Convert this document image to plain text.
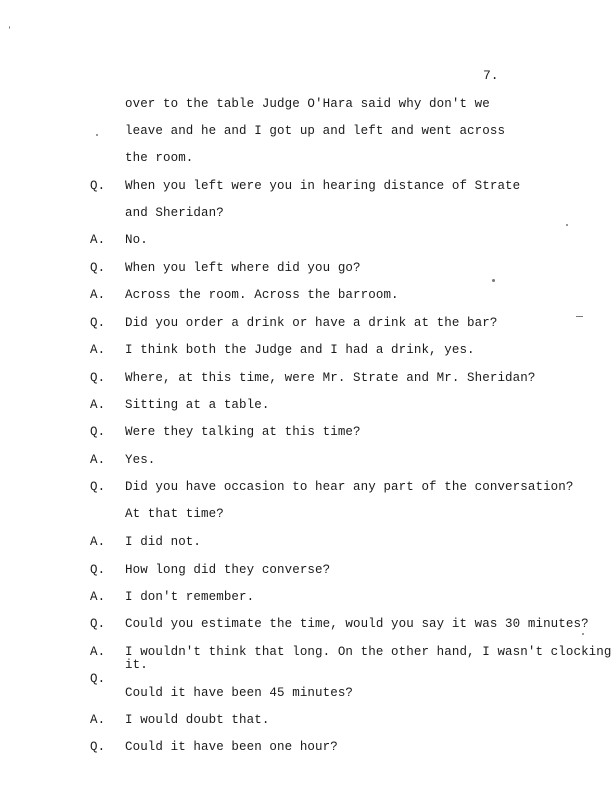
7.
over to the table Judge O'Hara said why don't we
leave and he and I got up and left and went across
the room.
Q. When you left were you in hearing distance of Strate
and Sheridan?
A. No.
Q. When you left where did you go?
A. Across the room. Across the barroom.
Q. Did you order a drink or have a drink at the bar?
A. I think both the Judge and I had a drink, yes.
Q. Where, at this time, were Mr. Strate and Mr. Sheridan?
A. Sitting at a table.
Q. Were they talking at this time?
A. Yes.
Q. Did you have occasion to hear any part of the conversation?
At that time?
A. I did not.
Q. How long did they converse?
A. I don't remember.
Q. Could you estimate the time, would you say it was 30 minutes?
A. I wouldn't think that long. On the other hand, I wasn't clocking
it.
Q.
Could it have been 45 minutes?
A. I would doubt that.
Q. Could it have been one hour?
